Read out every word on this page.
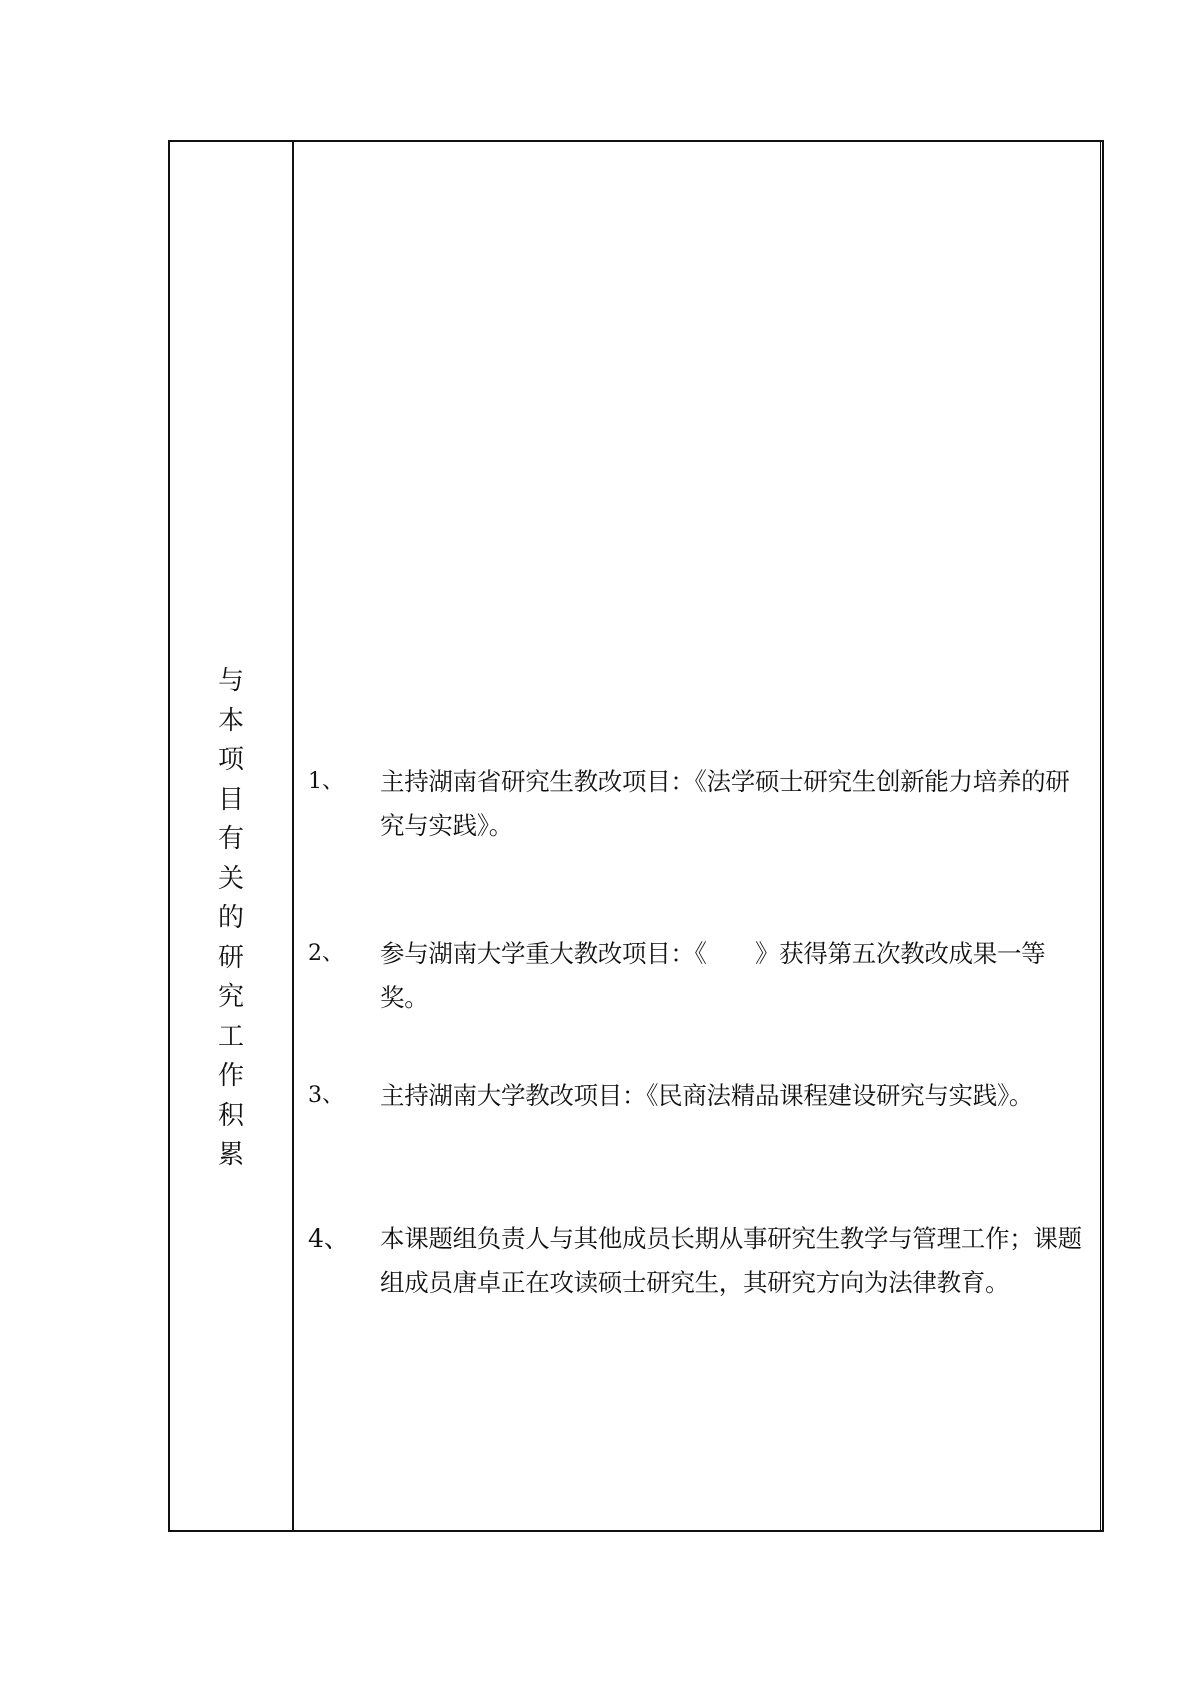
与
本
项
目
有
关
的
研
究
工
作
积
累
1、	主持湖南省研究生教改项目：《法学硕士研究生创新能力培养的研究与实践》。
2、	参与湖南大学重大教改项目：《　　》获得第五次教改成果一等奖。
3、	主持湖南大学教改项目：《民商法精品课程建设研究与实践》。
4、	本课题组负责人与其他成员长期从事研究生教学与管理工作；课题组成员唐卓正在攻读硕士研究生，其研究方向为法律教育。
